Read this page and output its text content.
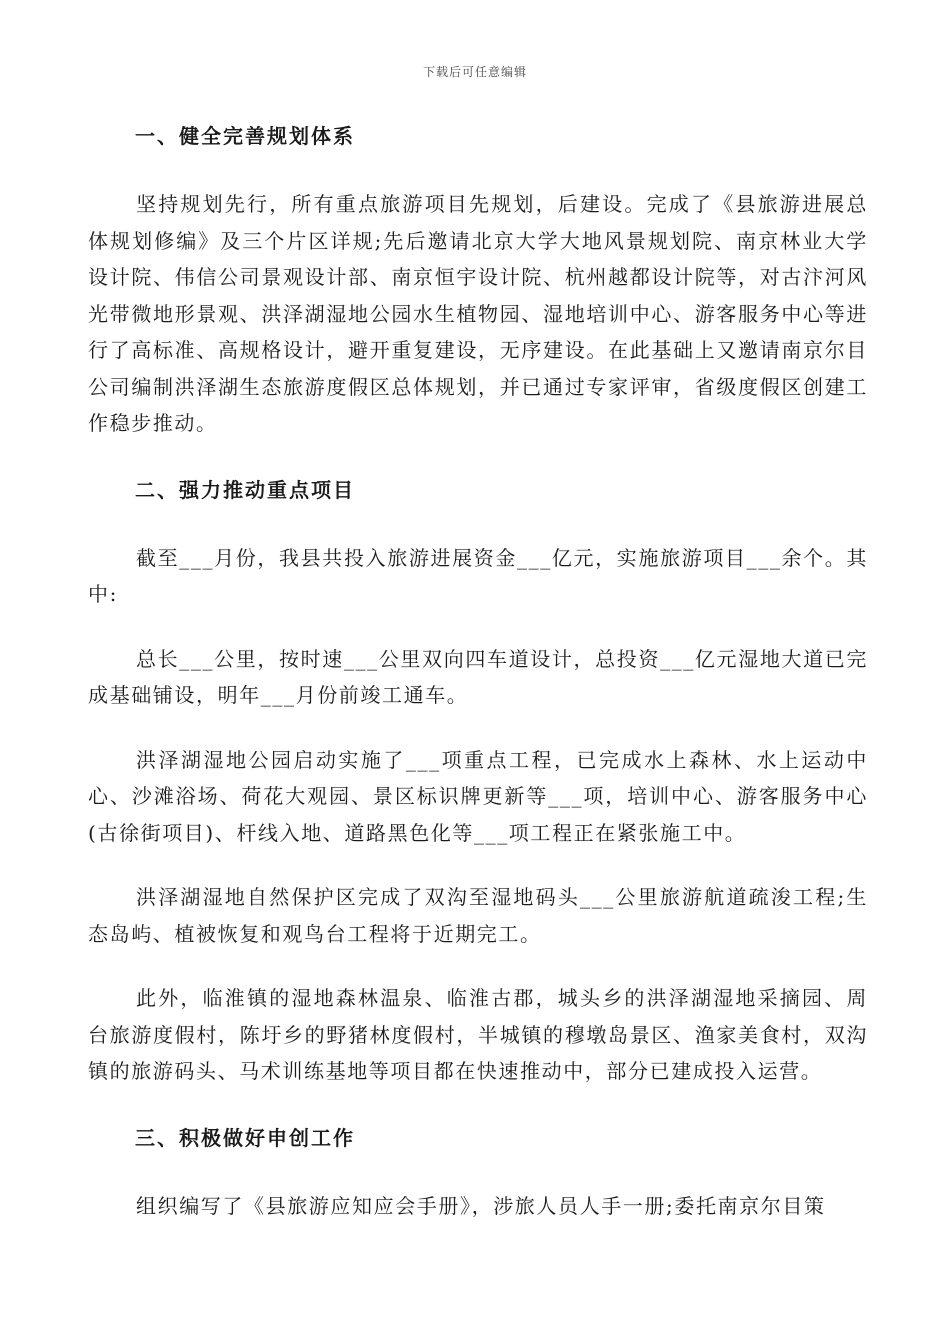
下载后可任意编辑
一、健全完善规划体系

坚持规划先行，所有重点旅游项目先规划，后建设。完成了《县旅游进展总体规划修编》及三个片区详规;先后邀请北京大学大地风景规划院、南京林业大学设计院、伟信公司景观设计部、南京恒宇设计院、杭州越都设计院等，对古汴河风光带微地形景观、洪泽湖湿地公园水生植物园、湿地培训中心、游客服务中心等进行了高标准、高规格设计，避开重复建设，无序建设。在此基础上又邀请南京尔目公司编制洪泽湖生态旅游度假区总体规划，并已通过专家评审，省级度假区创建工作稳步推动。

二、强力推动重点项目

截至___月份，我县共投入旅游进展资金___亿元，实施旅游项目___余个。其中:

总长___公里，按时速___公里双向四车道设计，总投资___亿元湿地大道已完成基础铺设，明年___月份前竣工通车。

洪泽湖湿地公园启动实施了___项重点工程，已完成水上森林、水上运动中心、沙滩浴场、荷花大观园、景区标识牌更新等___项，培训中心、游客服务中心(古徐街项目)、杆线入地、道路黑色化等___项工程正在紧张施工中。

洪泽湖湿地自然保护区完成了双沟至湿地码头___公里旅游航道疏浚工程;生态岛屿、植被恢复和观鸟台工程将于近期完工。

此外，临淮镇的湿地森林温泉、临淮古郡，城头乡的洪泽湖湿地采摘园、周台旅游度假村，陈圩乡的野猪林度假村，半城镇的穆墩岛景区、渔家美食村，双沟镇的旅游码头、马术训练基地等项目都在快速推动中，部分已建成投入运营。

三、积极做好申创工作

组织编写了《县旅游应知应会手册》，涉旅人员人手一册;委托南京尔目策
